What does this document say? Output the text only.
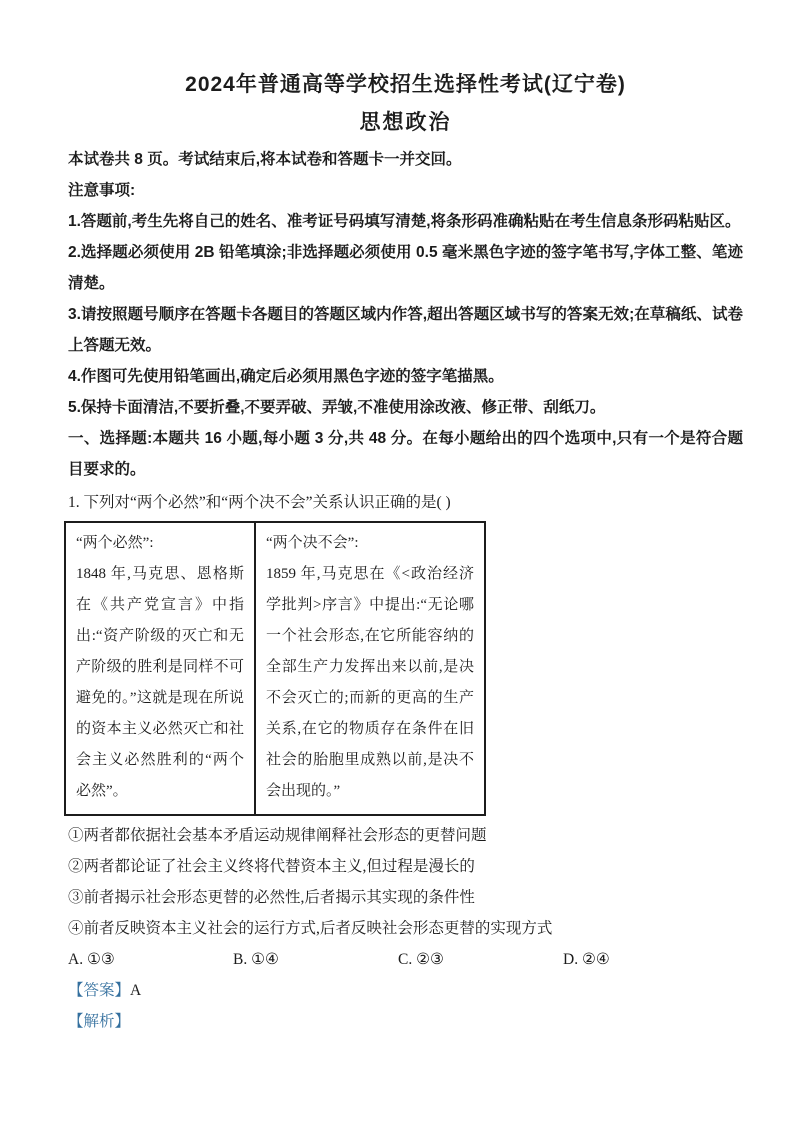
2024年普通高等学校招生选择性考试(辽宁卷)
思想政治

本试卷共 8 页。考试结束后,将本试卷和答题卡一并交回。

注意事项:

1.答题前,考生先将自己的姓名、准考证号码填写清楚,将条形码准确粘贴在考生信息条形码粘贴区。

2.选择题必须使用 2B 铅笔填涂;非选择题必须使用 0.5 毫米黑色字迹的签字笔书写,字体工整、笔迹清楚。

3.请按照题号顺序在答题卡各题目的答题区域内作答,超出答题区域书写的答案无效;在草稿纸、试卷上答题无效。

4.作图可先使用铅笔画出,确定后必须用黑色字迹的签字笔描黑。

5.保持卡面清洁,不要折叠,不要弄破、弄皱,不准使用涂改液、修正带、刮纸刀。

一、选择题:本题共 16 小题,每小题 3 分,共 48 分。在每小题给出的四个选项中,只有一个是符合题目要求的。

1. 下列对“两个必然”和“两个决不会”关系认识正确的是( )

“两个必然”:
1848 年,马克思、恩格斯在《共产党宣言》中指出:“资产阶级的灭亡和无产阶级的胜利是同样不可避免的。”这就是现在所说的资本主义必然灭亡和社会主义必然胜利的“两个必然”。

“两个决不会”:
1859 年,马克思在《<政治经济学批判>序言》中提出:“无论哪一个社会形态,在它所能容纳的全部生产力发挥出来以前,是决不会灭亡的;而新的更高的生产关系,在它的物质存在条件在旧社会的胎胞里成熟以前,是决不会出现的。”

①两者都依据社会基本矛盾运动规律阐释社会形态的更替问题

②两者都论证了社会主义终将代替资本主义,但过程是漫长的

③前者揭示社会形态更替的必然性,后者揭示其实现的条件性

④前者反映资本主义社会的运行方式,后者反映社会形态更替的实现方式

A. ①③	B. ①④	C. ②③	D. ②④

【答案】A

【解析】
